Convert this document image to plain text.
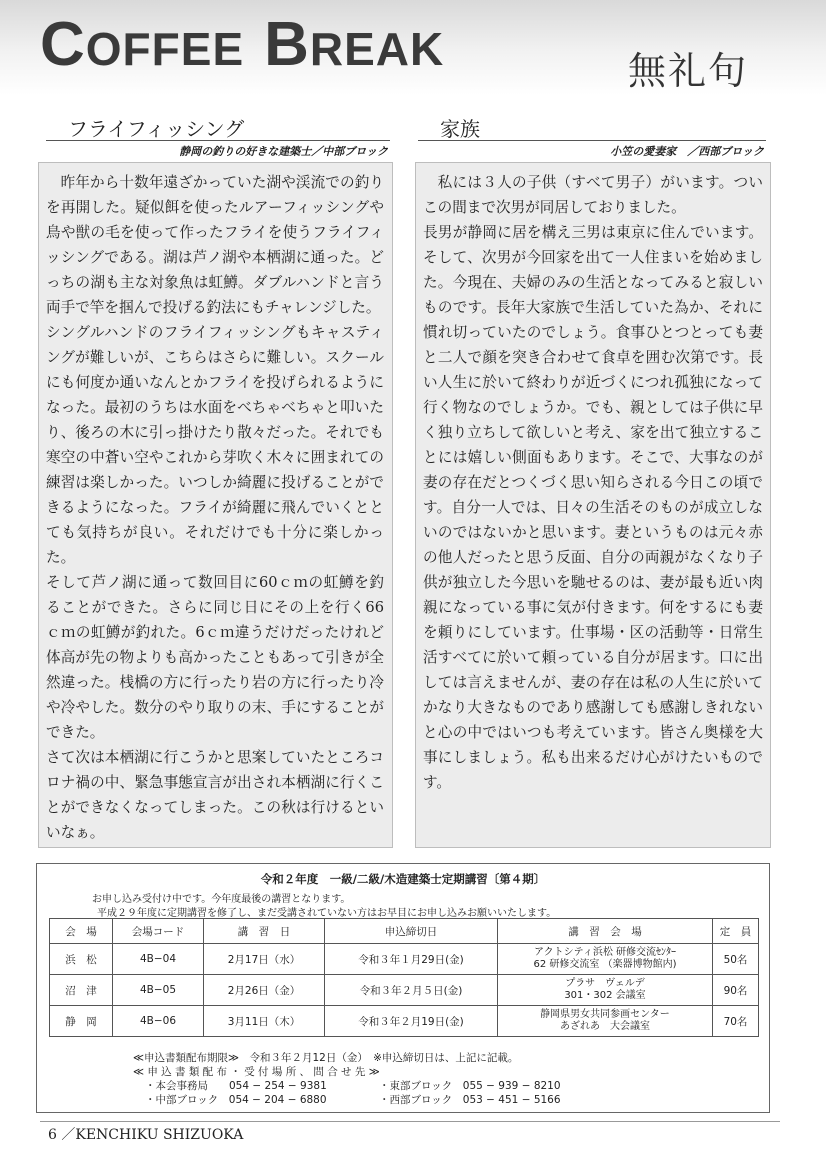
COFFEE BREAK	無礼句
フライフィッシング
静岡の釣りの好きな建築士／中部ブロック

昨年から十数年遠ざかっていた湖や渓流での釣りを再開した。疑似餌を使ったルアーフィッシングや鳥や獣の毛を使って作ったフライを使うフライフィッシングである。湖は芦ノ湖や本栖湖に通った。どっちの湖も主な対象魚は虹鱒。ダブルハンドと言う両手で竿を掴んで投げる釣法にもチャレンジした。

シングルハンドのフライフィッシングもキャスティングが難しいが、こちらはさらに難しい。スクールにも何度か通いなんとかフライを投げられるようになった。最初のうちは水面をべちゃべちゃと叩いたり、後ろの木に引っ掛けたり散々だった。それでも寒空の中蒼い空やこれから芽吹く木々に囲まれての練習は楽しかった。いつしか綺麗に投げることができるようになった。フライが綺麗に飛んでいくととても気持ちが良い。それだけでも十分に楽しかった。

そして芦ノ湖に通って数回目に60ｃｍの虹鱒を釣ることができた。さらに同じ日にその上を行く66ｃｍの虹鱒が釣れた。6ｃｍ違うだけだったけれど体高が先の物よりも高かったこともあって引きが全然違った。桟橋の方に行ったり岩の方に行ったり冷や冷やした。数分のやり取りの末、手にすることができた。

さて次は本栖湖に行こうかと思案していたところコロナ禍の中、緊急事態宣言が出され本栖湖に行くことができなくなってしまった。この秋は行けるといいなぁ。

家族
小笠の愛妻家　／西部ブロック

私には３人の子供（すべて男子）がいます。ついこの間まで次男が同居しておりました。

長男が静岡に居を構え三男は東京に住んでいます。そして、次男が今回家を出て一人住まいを始めました。今現在、夫婦のみの生活となってみると寂しいものです。長年大家族で生活していた為か、それに慣れ切っていたのでしょう。食事ひとつとっても妻と二人で顔を突き合わせて食卓を囲む次第です。長い人生に於いて終わりが近づくにつれ孤独になって行く物なのでしょうか。でも、親としては子供に早く独り立ちして欲しいと考え、家を出て独立することには嬉しい側面もあります。そこで、大事なのが妻の存在だとつくづく思い知らされる今日この頃です。自分一人では、日々の生活そのものが成立しないのではないかと思います。妻というものは元々赤の他人だったと思う反面、自分の両親がなくなり子供が独立した今思いを馳せるのは、妻が最も近い肉親になっている事に気が付きます。何をするにも妻を頼りにしています。仕事場・区の活動等・日常生活すべてに於いて頼っている自分が居ます。口に出しては言えませんが、妻の存在は私の人生に於いてかなり大きなものであり感謝しても感謝しきれないと心の中ではいつも考えています。皆さん奥様を大事にしましょう。私も出来るだけ心がけたいものです。

令和２年度　一級/二級/木造建築士定期講習〔第４期〕
お申し込み受付け中です。今年度最後の講習となります。
平成２９年度に定期講習を修了し、まだ受講されていない方はお早目にお申し込みお願いいたします。
会　場	会場コード	講　習　日	申込締切日	講　習　会　場	定　員
浜　松	4B−04	2月17日（水）	令和３年１月29日(金)	アクトシティ浜松 研修交流ｾﾝﾀｰ
62 研修交流室 （楽器博物館内)	50名
沼　津	4B−05	2月26日（金）	令和３年２月５日(金)	プラサ　ヴェルデ
301・302 会議室	90名
静　岡	4B−06	3月11日（木）	令和３年２月19日(金)	静岡県男女共同参画センター
あざれあ　大会議室	70名
≪申込書類配布期限≫　令和３年２月12日（金）　※申込締切日は、上記に記載。
≪ 申 込 書 類 配 布 ・ 受 付 場 所 、 問 合 せ 先 ≫
・本会事務局　　 054 − 254 − 9381	・東部ブロック　 055 − 939 − 8210
・中部ブロック　 054 − 204 − 6880	・西部ブロック　 053 − 451 − 5166
6 ／KENCHIKU SHIZUOKA
